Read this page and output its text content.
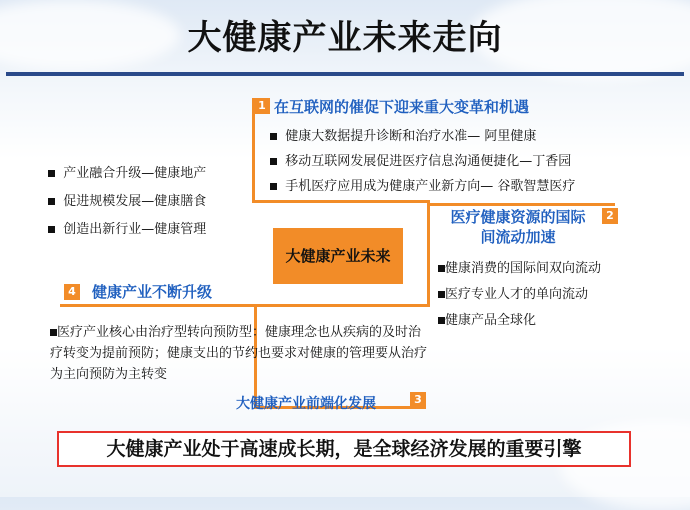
大健康产业未来走向
1 在互联网的催促下迎来重大变革和机遇
健康大数据提升诊断和治疗水准— 阿里健康
移动互联网发展促进医疗信息沟通便捷化—丁香园
手机医疗应用成为健康产业新方向— 谷歌智慧医疗
医疗健康资源的国际
间流动加速
2
健康消费的国际间双向流动
医疗专业人才的单向流动
健康产品全球化
产业融合升级—健康地产
促进规模发展—健康膳食
创造出新行业—健康管理
4 健康产业不断升级
大健康产业未来
医疗产业核心由治疗型转向预防型：健康理念也从疾病的及时治疗转变为提前预防；健康支出的节约也要求对健康的管理要从治疗为主向预防为主转变
大健康产业前端化发展	3
大健康产业处于高速成长期，是全球经济发展的重要引擎
